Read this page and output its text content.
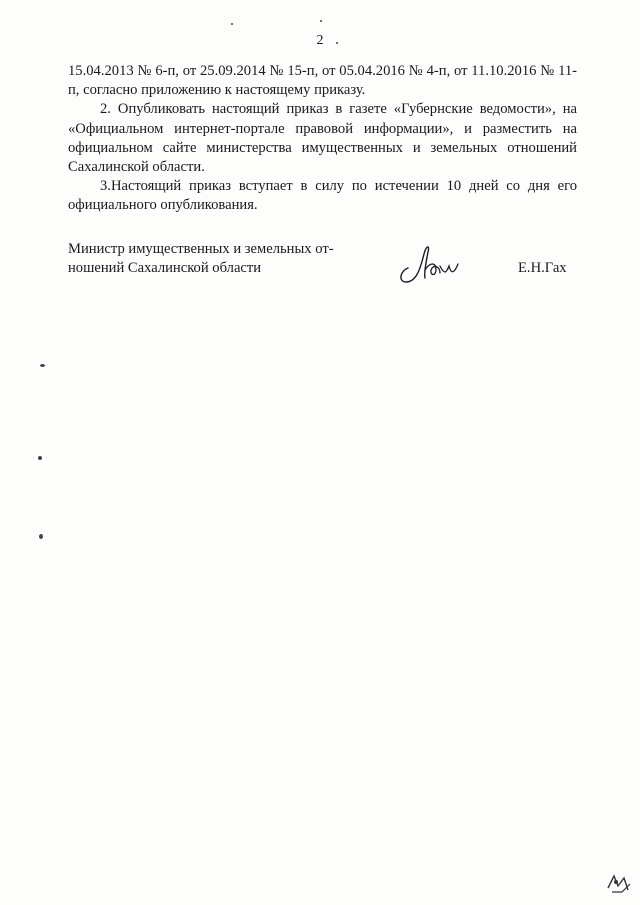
2

15.04.2013 № 6-п, от 25.09.2014 № 15-п, от 05.04.2016 № 4-п, от 11.10.2016 № 11-п, согласно приложению к настоящему приказу.

2. Опубликовать настоящий приказ в газете «Губернские ведомости», на «Официальном интернет-портале правовой информации», и разместить на официальном сайте министерства имущественных и земельных отношений Сахалинской области.

3.Настоящий приказ вступает в силу по истечении 10 дней со дня его официального опубликования.

Министр имущественных и земельных от-
ношений Сахалинской области	Е.Н.Гах
